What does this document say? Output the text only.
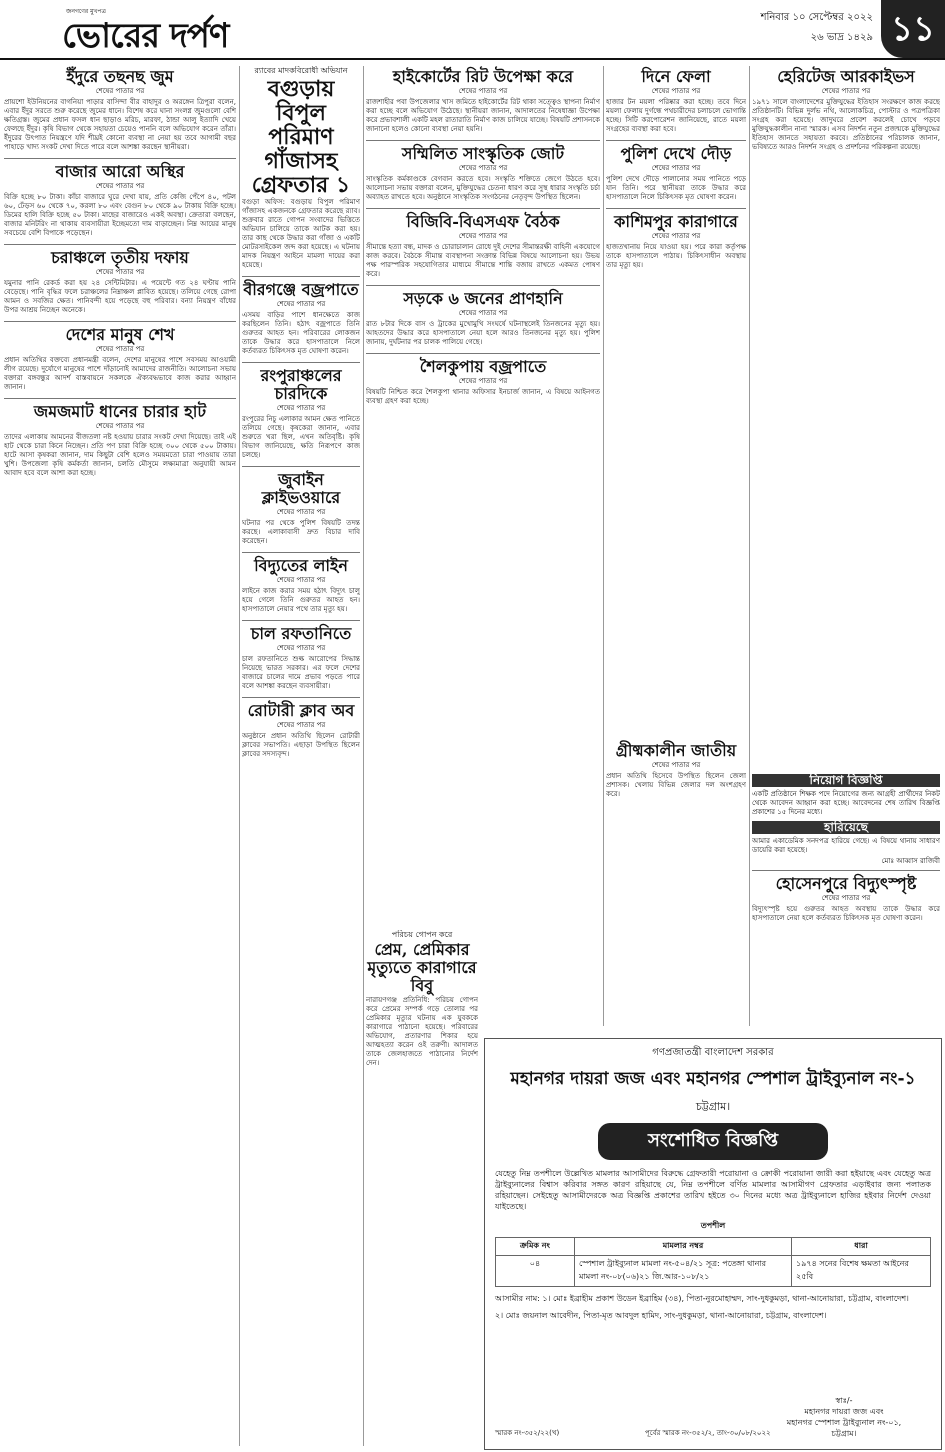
জনগণের মুখপত্র
ভোরের দর্পণ	শনিবার ১০ সেপ্টেম্বর ২০২২
২৬ ভাদ্র ১৪২৯ ১১
ইঁদুরে তছনছ জুম

শেষের পাতার পর

প্রায়শো ইউনিয়নের বাগনিয়া পাড়ার বাসিন্দা বীর বাহাদুর ও অরঙ্গেন ত্রিপুরা বলেন, এবার ইঁদুর সরতে শুরু করেছে জুমের ধানে। বিশেষ করে ঘানা সংলগ্ন জুমগুলো বেশি ক্ষতিগ্রস্ত। জুমের প্রধান ফসল ধান ছাড়াও মরিচ, মারফা, ঠান্ডা আলু ইত্যাদি খেয়ে ফেলছে ইঁদুর। কৃষি বিভাগ থেকে সহায়তা চেয়েও পাননি বলে অভিযোগ করেন তাঁরা। ইঁদুরের উৎপাত নিয়ন্ত্রণে যদি শীঘ্রই কোনো ব্যবস্থা না নেয়া হয় তবে আগামী বছর পাহাড়ে খাদ্য সংকট দেখা দিতে পারে বলে আশঙ্কা করছেন স্থানীয়রা।
বাজার আরো অস্থির

শেষের পাতার পর

বিক্রি হচ্ছে ৮০ টাকা। কাঁচা বাজারে ঘুরে দেখা যায়, প্রতি কেজি পেঁপে ৪০, পটল ৬০, ঢেঁড়স ৬০ থেকে ৭০, করলা ৮০ এবং বেগুন ৮০ থেকে ৯০ টাকায় বিক্রি হচ্ছে। ডিমের হালি বিক্রি হচ্ছে ৫০ টাকা। মাছের বাজারেও একই অবস্থা। ক্রেতারা বলছেন, বাজার মনিটরিং না থাকায় ব্যবসায়ীরা ইচ্ছেমতো দাম বাড়াচ্ছেন। নিম্ন আয়ের মানুষ সবচেয়ে বেশি বিপাকে পড়েছেন।
চরাঞ্চলে তৃতীয় দফায়

শেষের পাতার পর

যমুনার পানি রেকর্ড করা হয় ২৪ সেন্টিমিটার। এ পয়েন্টে গত ২৪ ঘণ্টায় পানি বেড়েছে। পানি বৃদ্ধির ফলে চরাঞ্চলের নিম্নাঞ্চল প্লাবিত হয়েছে। তলিয়ে গেছে রোপা আমন ও সবজির ক্ষেত। পানিবন্দী হয়ে পড়েছে বহু পরিবার। বন্যা নিয়ন্ত্রণ বাঁধের উপর আশ্রয় নিচ্ছেন অনেকে।
দেশের মানুষ শেখ

শেষের পাতার পর

প্রধান অতিথির বক্তব্যে প্রধানমন্ত্রী বলেন, দেশের মানুষের পাশে সবসময় আওয়ামী লীগ রয়েছে। দুর্যোগে মানুষের পাশে দাঁড়ানোই আমাদের রাজনীতি। আলোচনা সভায় বক্তারা বঙ্গবন্ধুর আদর্শ বাস্তবায়নে সকলকে ঐক্যবদ্ধভাবে কাজ করার আহ্বান জানান।
জমজমাট ধানের চারার হাট

শেষের পাতার পর

তাদের এলাকায় আমনের বীজতলা নষ্ট হওয়ায় চারার সংকট দেখা দিয়েছে। তাই এই হাট থেকে চারা কিনে নিচ্ছেন। প্রতি পণ চারা বিক্রি হচ্ছে ৩০০ থেকে ৫০০ টাকায়। হাটে আসা কৃষকরা জানান, দাম কিছুটা বেশি হলেও সময়মতো চারা পাওয়ায় তারা খুশি। উপজেলা কৃষি কর্মকর্তা জানান, চলতি মৌসুমে লক্ষ্যমাত্রা অনুযায়ী আমন আবাদ হবে বলে আশা করা হচ্ছে।

র‌্যাবের মাদকবিরোধী অভিযান

বগুড়ায় বিপুল পরিমাণ গাঁজাসহ গ্রেফতার ১
বগুড়া অফিস: বগুড়ায় বিপুল পরিমাণ গাঁজাসহ একজনকে গ্রেফতার করেছে র‌্যাব। শুক্রবার রাতে গোপন সংবাদের ভিত্তিতে অভিযান চালিয়ে তাকে আটক করা হয়। তার কাছ থেকে উদ্ধার করা গাঁজা ও একটি মোটরসাইকেল জব্দ করা হয়েছে। এ ঘটনায় মাদক নিয়ন্ত্রণ আইনে মামলা দায়ের করা হয়েছে।
বীরগঞ্জে বজ্রপাতে

শেষের পাতার পর

এসময় বাড়ির পাশে ধানক্ষেতে কাজ করছিলেন তিনি। হঠাৎ বজ্রপাতে তিনি গুরুতর আহত হন। পরিবারের লোকজন তাকে উদ্ধার করে হাসপাতালে নিলে কর্তব্যরত চিকিৎসক মৃত ঘোষণা করেন।
রংপুরাঞ্চলের চারদিকে

শেষের পাতার পর

রংপুরের নিচু এলাকার আমন ক্ষেত পানিতে তলিয়ে গেছে। কৃষকেরা জানান, এবার শুরুতে খরা ছিল, এখন অতিবৃষ্টি। কৃষি বিভাগ জানিয়েছে, ক্ষতি নিরূপণে কাজ চলছে।
জুবাইন ক্লাইভওয়ারে

শেষের পাতার পর

ঘটনার পর থেকে পুলিশ বিষয়টি তদন্ত করছে। এলাকাবাসী দ্রুত বিচার দাবি করেছেন।
বিদ্যুতের লাইন

শেষের পাতার পর

লাইনে কাজ করার সময় হঠাৎ বিদ্যুৎ চালু হয়ে গেলে তিনি গুরুতর আহত হন। হাসপাতালে নেয়ার পথে তার মৃত্যু হয়।
চাল রফতানিতে

শেষের পাতার পর

চাল রফতানিতে শুল্ক আরোপের সিদ্ধান্ত নিয়েছে ভারত সরকার। এর ফলে দেশের বাজারে চালের দামে প্রভাব পড়তে পারে বলে আশঙ্কা করছেন ব্যবসায়ীরা।
রোটারী ক্লাব অব

শেষের পাতার পর

অনুষ্ঠানে প্রধান অতিথি ছিলেন রোটারী ক্লাবের সভাপতি। এছাড়া উপস্থিত ছিলেন ক্লাবের সদস্যবৃন্দ।
হাইকোর্টের রিট উপেক্ষা করে

শেষের পাতার পর

রাজশাহীর পবা উপজেলার খাস জমিতে হাইকোর্টের রিট থাকা সত্ত্বেও স্থাপনা নির্মাণ করা হচ্ছে বলে অভিযোগ উঠেছে। স্থানীয়রা জানান, আদালতের নিষেধাজ্ঞা উপেক্ষা করে প্রভাবশালী একটি মহল রাতারাতি নির্মাণ কাজ চালিয়ে যাচ্ছে। বিষয়টি প্রশাসনকে জানানো হলেও কোনো ব্যবস্থা নেয়া হয়নি।
সম্মিলিত সাংস্কৃতিক জোট

শেষের পাতার পর

সাংস্কৃতিক কর্মকাণ্ডকে বেগবান করতে হবে। সংস্কৃতি শক্তিতে জেগে উঠতে হবে। আলোচনা সভায় বক্তারা বলেন, মুক্তিযুদ্ধের চেতনা ধারণ করে সুস্থ ধারার সংস্কৃতি চর্চা অব্যাহত রাখতে হবে। অনুষ্ঠানে সাংস্কৃতিক সংগঠনের নেতৃবৃন্দ উপস্থিত ছিলেন।
বিজিবি-বিএসএফ বৈঠক

শেষের পাতার পর

সীমান্তে হত্যা বন্ধ, মাদক ও চোরাচালান রোধে দুই দেশের সীমান্তরক্ষী বাহিনী একযোগে কাজ করবে। বৈঠকে সীমান্ত ব্যবস্থাপনা সংক্রান্ত বিভিন্ন বিষয়ে আলোচনা হয়। উভয় পক্ষ পারস্পরিক সহযোগিতার মাধ্যমে সীমান্তে শান্তি বজায় রাখতে একমত পোষণ করে।
সড়কে ৬ জনের প্রাণহানি

শেষের পাতার পর

রাত ৮টার দিকে বাস ও ট্রাকের মুখোমুখি সংঘর্ষে ঘটনাস্থলেই তিনজনের মৃত্যু হয়। আহতদের উদ্ধার করে হাসপাতালে নেয়া হলে আরও তিনজনের মৃত্যু হয়। পুলিশ জানায়, দুর্ঘটনার পর চালক পালিয়ে গেছে।
শৈলকুপায় বজ্রপাতে

শেষের পাতার পর

বিষয়টি নিশ্চিত করে শৈলকুপা থানার অফিসার ইনচার্জ জানান, এ বিষয়ে আইনগত ব্যবস্থা গ্রহণ করা হচ্ছে।

পরিচয় গোপন করে

প্রেম, প্রেমিকার মৃত্যুতে কারাগারে বিবু
নারায়ণগঞ্জ প্রতিনিধি: পরিচয় গোপন করে প্রেমের সম্পর্ক গড়ে তোলার পর প্রেমিকার মৃত্যুর ঘটনায় এক যুবককে কারাগারে পাঠানো হয়েছে। পরিবারের অভিযোগ, প্রতারণার শিকার হয়ে আত্মহত্যা করেন ওই তরুণী। আদালত তাকে জেলহাজতে পাঠানোর নির্দেশ দেন।
দিনে ফেলা

শেষের পাতার পর

হাজার টন ময়লা পরিষ্কার করা হচ্ছে। তবে দিনে ময়লা ফেলায় দুর্গন্ধে পথচারীদের চলাচলে ভোগান্তি হচ্ছে। সিটি করপোরেশন জানিয়েছে, রাতে ময়লা সংগ্রহের ব্যবস্থা করা হবে।
পুলিশ দেখে দৌড়

শেষের পাতার পর

পুলিশ দেখে দৌড়ে পালানোর সময় পানিতে পড়ে যান তিনি। পরে স্থানীয়রা তাকে উদ্ধার করে হাসপাতালে নিলে চিকিৎসক মৃত ঘোষণা করেন।
কাশিমপুর কারাগারে

শেষের পাতার পর

হাজতখানায় নিয়ে যাওয়া হয়। পরে কারা কর্তৃপক্ষ তাকে হাসপাতালে পাঠায়। চিকিৎসাধীন অবস্থায় তার মৃত্যু হয়।
গ্রীষ্মকালীন জাতীয়

শেষের পাতার পর

প্রধান অতিথি হিসেবে উপস্থিত ছিলেন জেলা প্রশাসক। খেলায় বিভিন্ন জেলার দল অংশগ্রহণ করে।
হেরিটেজ আরকাইভস

শেষের পাতার পর

১৯৭১ সালে বাংলাদেশের মুক্তিযুদ্ধের ইতিহাস সংরক্ষণে কাজ করছে প্রতিষ্ঠানটি। বিভিন্ন দুর্লভ নথি, আলোকচিত্র, পোস্টার ও পত্রপত্রিকা সংগ্রহ করা হয়েছে। জাদুঘরে প্রবেশ করলেই চোখে পড়বে মুক্তিযুদ্ধকালীন নানা স্মারক। এসব নিদর্শন নতুন প্রজন্মকে মুক্তিযুদ্ধের ইতিহাস জানতে সহায়তা করবে। প্রতিষ্ঠানের পরিচালক জানান, ভবিষ্যতে আরও নিদর্শন সংগ্রহ ও প্রদর্শনের পরিকল্পনা রয়েছে।
নিয়োগ বিজ্ঞপ্তি
একটি প্রতিষ্ঠানে শিক্ষক পদে নিয়োগের জন্য আগ্রহী প্রার্থীদের নিকট থেকে আবেদন আহ্বান করা হচ্ছে। আবেদনের শেষ তারিখ বিজ্ঞপ্তি প্রকাশের ১৫ দিনের মধ্যে।
হারিয়েছে
আমার একাডেমিক সনদপত্র হারিয়ে গেছে। এ বিষয়ে থানায় সাধারণ ডায়েরি করা হয়েছে।
মোঃ আব্বাস রাজিবী
হোসেনপুরে বিদ্যুৎস্পৃষ্ট

শেষের পাতার পর

বিদ্যুৎস্পৃষ্ট হয়ে গুরুতর আহত অবস্থায় তাকে উদ্ধার করে হাসপাতালে নেয়া হলে কর্তব্যরত চিকিৎসক মৃত ঘোষণা করেন।
গণপ্রজাতন্ত্রী বাংলাদেশ সরকার
মহানগর দায়রা জজ এবং মহানগর স্পেশাল ট্রাইব্যুনাল নং-১
চট্টগ্রাম।
সংশোধিত বিজ্ঞপ্তি
যেহেতু নিম্ন তপশীলে উল্লেখিত মামলার আসামীদের বিরুদ্ধে গ্রেফতারী পরোয়ানা ও ক্রোকী পরোয়ানা জারী করা হইয়াছে এবং যেহেতু অত্র ট্রাইব্যুনালের বিশ্বাস করিবার সঙ্গত কারণ রহিয়াছে যে, নিম্ন তপশীলে বর্ণিত মামলার আসামীগণ গ্রেফতার এড়াইবার জন্য পলাতক রহিয়াছেন। সেইহেতু আসামীদেরকে অত্র বিজ্ঞপ্তি প্রকাশের তারিখ হইতে ৩০ দিনের মধ্যে অত্র ট্রাইব্যুনালে হাজির হইবার নির্দেশ দেওয়া যাইতেছে।
তপশীল
ক্রমিক নং	মামলার নম্বর	ধারা
০৪	স্পেশাল ট্রাইব্যুনাল মামলা নং-৫০৪/২১ সূত্র: পতেঙ্গা থানার মামলা নং-০৮(০৬)২১ জি.আর-১০৮/২১	১৯৭৪ সনের বিশেষ ক্ষমতা আইনের ২৫বি
আসামীর নাম: ১। মোঃ ইব্রাহীম প্রকাশ উডেন ইব্রাহিম (৩৪), পিতা-নুরমোহাম্মদ, সাং-দুধকুমড়া, থানা-আনোয়ারা, চট্টগ্রাম, বাংলাদেশ।
২। মোঃ জয়নাল আবেদীন, পিতা-মৃত আবদুল হামিদ, সাং-দুধকুমড়া, থানা-আনোয়ারা, চট্টগ্রাম, বাংলাদেশ।
স্বাঃ/-
মহানগর দায়রা জজ এবং
মহানগর স্পেশাল ট্রাইব্যুনাল নং-০১,
চট্টগ্রাম।
স্মারক নং-৩৫২/২২(খ)	পূর্বের স্মারক নং-৩৫২/২, তাং-৩০/০৮/২০২২
